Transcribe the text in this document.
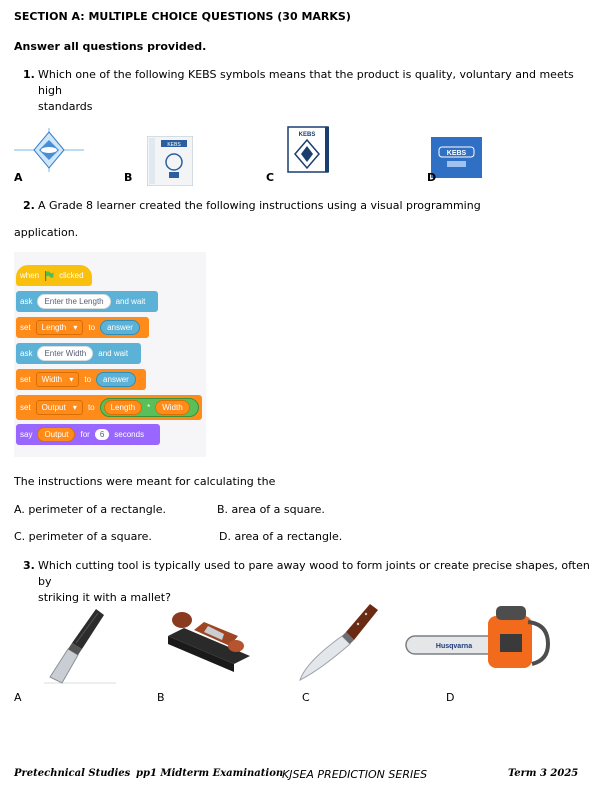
SECTION A: MULTIPLE CHOICE QUESTIONS (30 MARKS)
Answer all questions provided.
1. Which one of the following KEBS symbols means that the product is quality, voluntary and meets high
standards
A
KEBS
B
KEBS
C
KEBS
D
2. A Grade 8 learner created the following instructions using a visual programming
application.
when	clicked
ask	Enter the Length	and wait
set	Length ▾	to	answer
ask	Enter Width	and wait
set	Width ▾	to	answer
set	Output ▾	to	Length	*	Width
say	Output	for	6	seconds
The instructions were meant for calculating the
A. perimeter of a rectangle.	B. area of a square.
C. perimeter of a square.	D. area of a rectangle.
3. Which cutting tool is typically used to pare away wood to form joints or create precise shapes, often by
striking it with a mallet?
A	B	C
Husqvarna
D
Pretechnical Studies pp1 Midterm Examination
KJSEA PREDICTION SERIES	Term 3 2025
